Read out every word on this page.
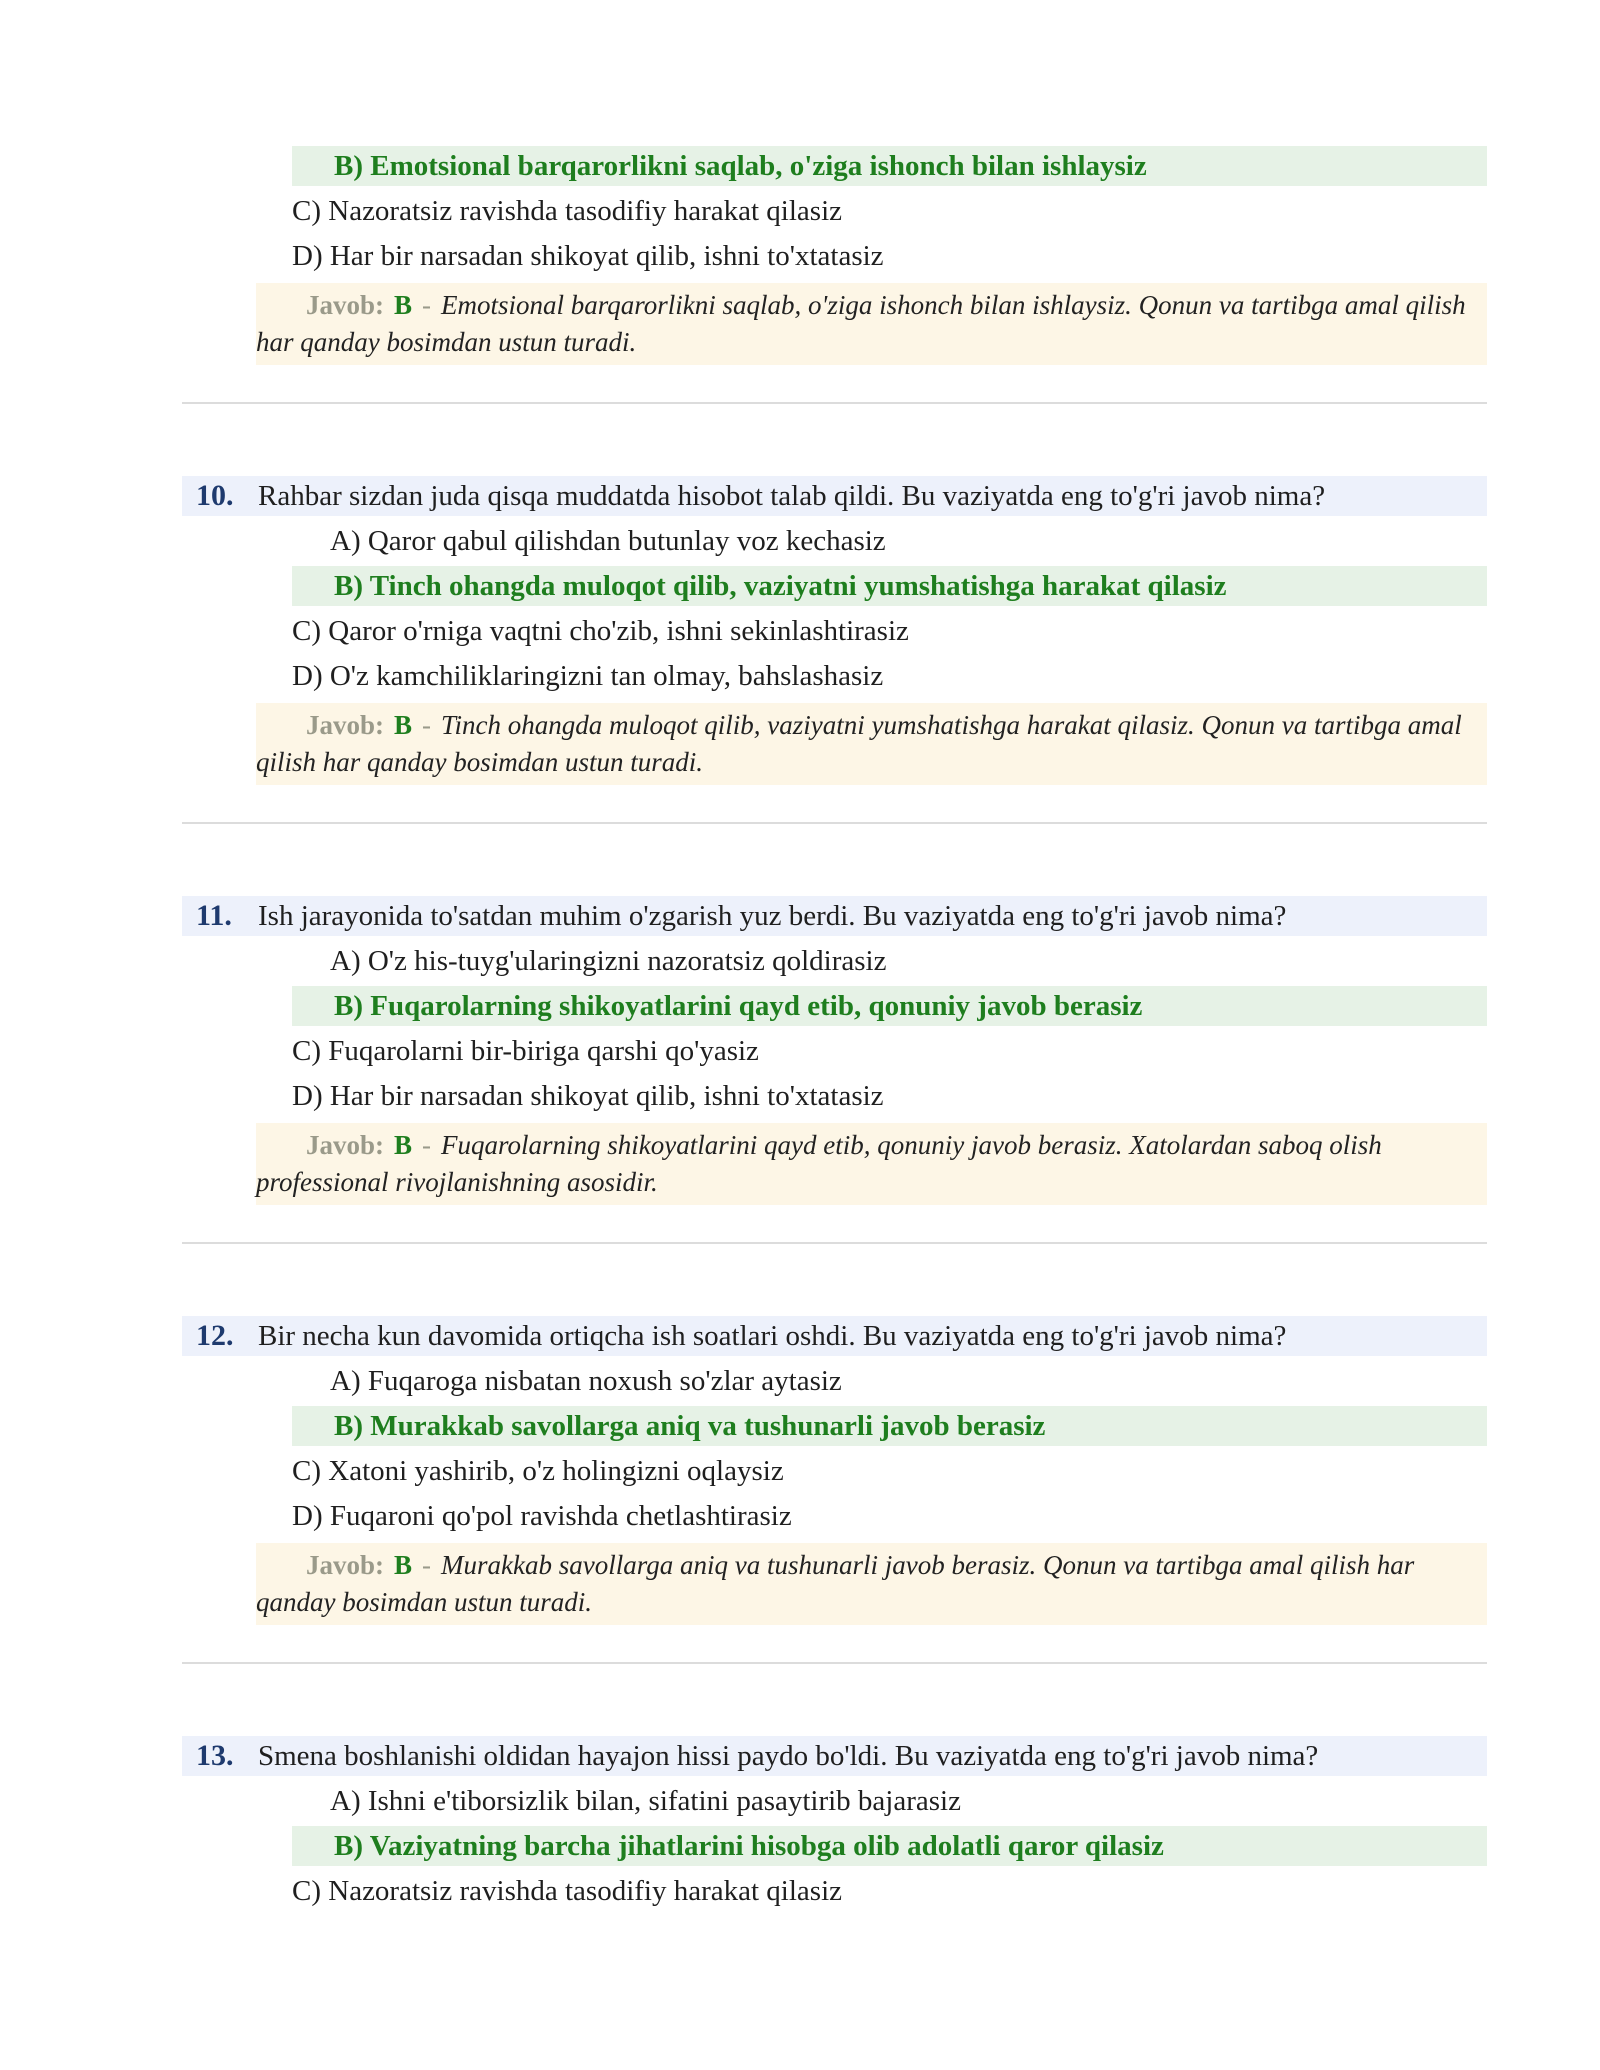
B) Emotsional barqarorlikni saqlab, o'ziga ishonch bilan ishlaysiz
C) Nazoratsiz ravishda tasodifiy harakat qilasiz
D) Har bir narsadan shikoyat qilib, ishni to'xtatasiz
Javob: B - Emotsional barqarorlikni saqlab, o'ziga ishonch bilan ishlaysiz. Qonun va tartibga amal qilish har qanday bosimdan ustun turadi.
10. Rahbar sizdan juda qisqa muddatda hisobot talab qildi. Bu vaziyatda eng to'g'ri javob nima?
A) Qaror qabul qilishdan butunlay voz kechasiz
B) Tinch ohangda muloqot qilib, vaziyatni yumshatishga harakat qilasiz
C) Qaror o'rniga vaqtni cho'zib, ishni sekinlashtirasiz
D) O'z kamchiliklaringizni tan olmay, bahslashasiz
Javob: B - Tinch ohangda muloqot qilib, vaziyatni yumshatishga harakat qilasiz. Qonun va tartibga amal qilish har qanday bosimdan ustun turadi.
11. Ish jarayonida to'satdan muhim o'zgarish yuz berdi. Bu vaziyatda eng to'g'ri javob nima?
A) O'z his-tuyg'ularingizni nazoratsiz qoldirasiz
B) Fuqarolarning shikoyatlarini qayd etib, qonuniy javob berasiz
C) Fuqarolarni bir-biriga qarshi qo'yasiz
D) Har bir narsadan shikoyat qilib, ishni to'xtatasiz
Javob: B - Fuqarolarning shikoyatlarini qayd etib, qonuniy javob berasiz. Xatolardan saboq olish professional rivojlanishning asosidir.
12. Bir necha kun davomida ortiqcha ish soatlari oshdi. Bu vaziyatda eng to'g'ri javob nima?
A) Fuqaroga nisbatan noxush so'zlar aytasiz
B) Murakkab savollarga aniq va tushunarli javob berasiz
C) Xatoni yashirib, o'z holingizni oqlaysiz
D) Fuqaroni qo'pol ravishda chetlashtirasiz
Javob: B - Murakkab savollarga aniq va tushunarli javob berasiz. Qonun va tartibga amal qilish har qanday bosimdan ustun turadi.
13. Smena boshlanishi oldidan hayajon hissi paydo bo'ldi. Bu vaziyatda eng to'g'ri javob nima?
A) Ishni e'tiborsizlik bilan, sifatini pasaytirib bajarasiz
B) Vaziyatning barcha jihatlarini hisobga olib adolatli qaror qilasiz
C) Nazoratsiz ravishda tasodifiy harakat qilasiz
